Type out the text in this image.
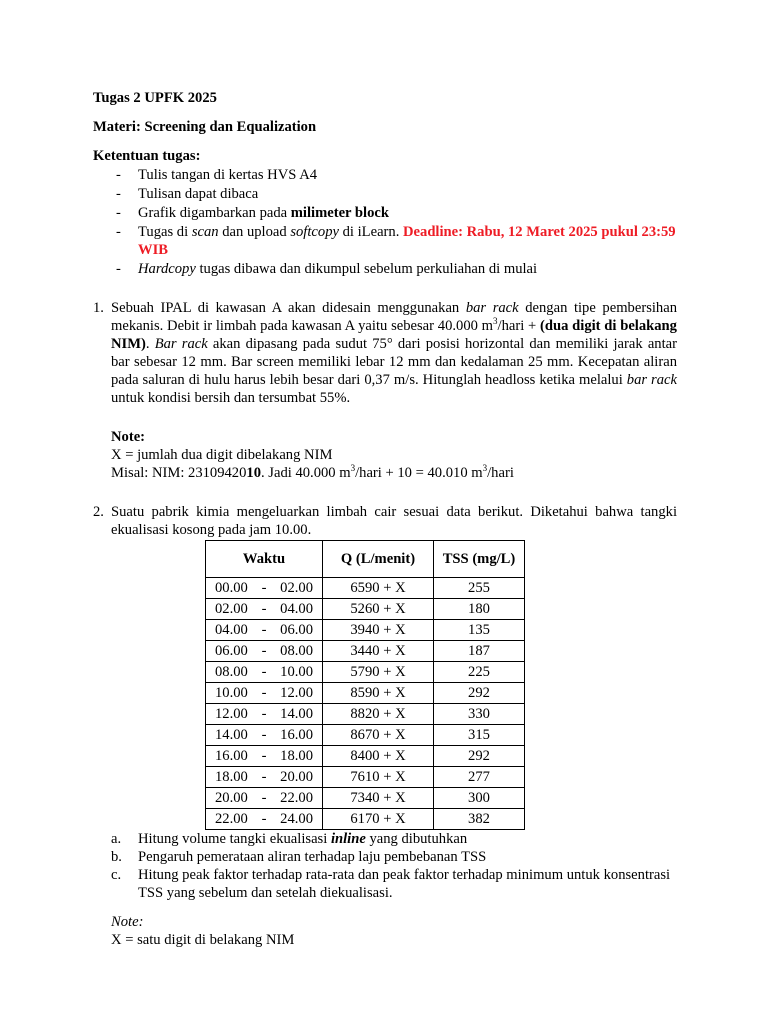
Tugas 2 UPFK 2025

Materi: Screening dan Equalization

Ketentuan tugas:

- Tulis tangan di kertas HVS A4
- Tulisan dapat dibaca
- Grafik digambarkan pada milimeter block
- Tugas di scan dan upload softcopy di iLearn. Deadline: Rabu, 12 Maret 2025 pukul 23:59 WIB
- Hardcopy tugas dibawa dan dikumpul sebelum perkuliahan di mulai
1. Sebuah IPAL di kawasan A akan didesain menggunakan bar rack dengan tipe pembersihan mekanis. Debit ir limbah pada kawasan A yaitu sebesar 40.000 $m^3$/hari + (dua digit di belakang NIM). Bar rack akan dipasang pada sudut 75° dari posisi horizontal dan memiliki jarak antar bar sebesar 12 mm. Bar screen memiliki lebar 12 mm dan kedalaman 25 mm. Kecepatan aliran pada saluran di hulu harus lebih besar dari 0,37 m/s. Hitunglah headloss ketika melalui bar rack untuk kondisi bersih dan tersumbat 55%.

Note:

X = jumlah dua digit dibelakang NIM

Misal: NIM: 2310942010. Jadi 40.000 $m^3$/hari + 10 = 40.010 $m^3$/hari

2. Suatu pabrik kimia mengeluarkan limbah cair sesuai data berikut. Diketahui bahwa tangki ekualisasi kosong pada jam 10.00.
Waktu	Q (L/menit)	TSS (mg/L)
00.00 - 02.00	6590 + X	255
02.00 - 04.00	5260 + X	180
04.00 - 06.00	3940 + X	135
06.00 - 08.00	3440 + X	187
08.00 - 10.00	5790 + X	225
10.00 - 12.00	8590 + X	292
12.00 - 14.00	8820 + X	330
14.00 - 16.00	8670 + X	315
16.00 - 18.00	8400 + X	292
18.00 - 20.00	7610 + X	277
20.00 - 22.00	7340 + X	300
22.00 - 24.00	6170 + X	382
a. Hitung volume tangki ekualisasi inline yang dibutuhkan
b. Pengaruh pemerataan aliran terhadap laju pembebanan TSS
c. Hitung peak faktor terhadap rata-rata dan peak faktor terhadap minimum untuk konsentrasi TSS yang sebelum dan setelah diekualisasi.

Note:

X = satu digit di belakang NIM
